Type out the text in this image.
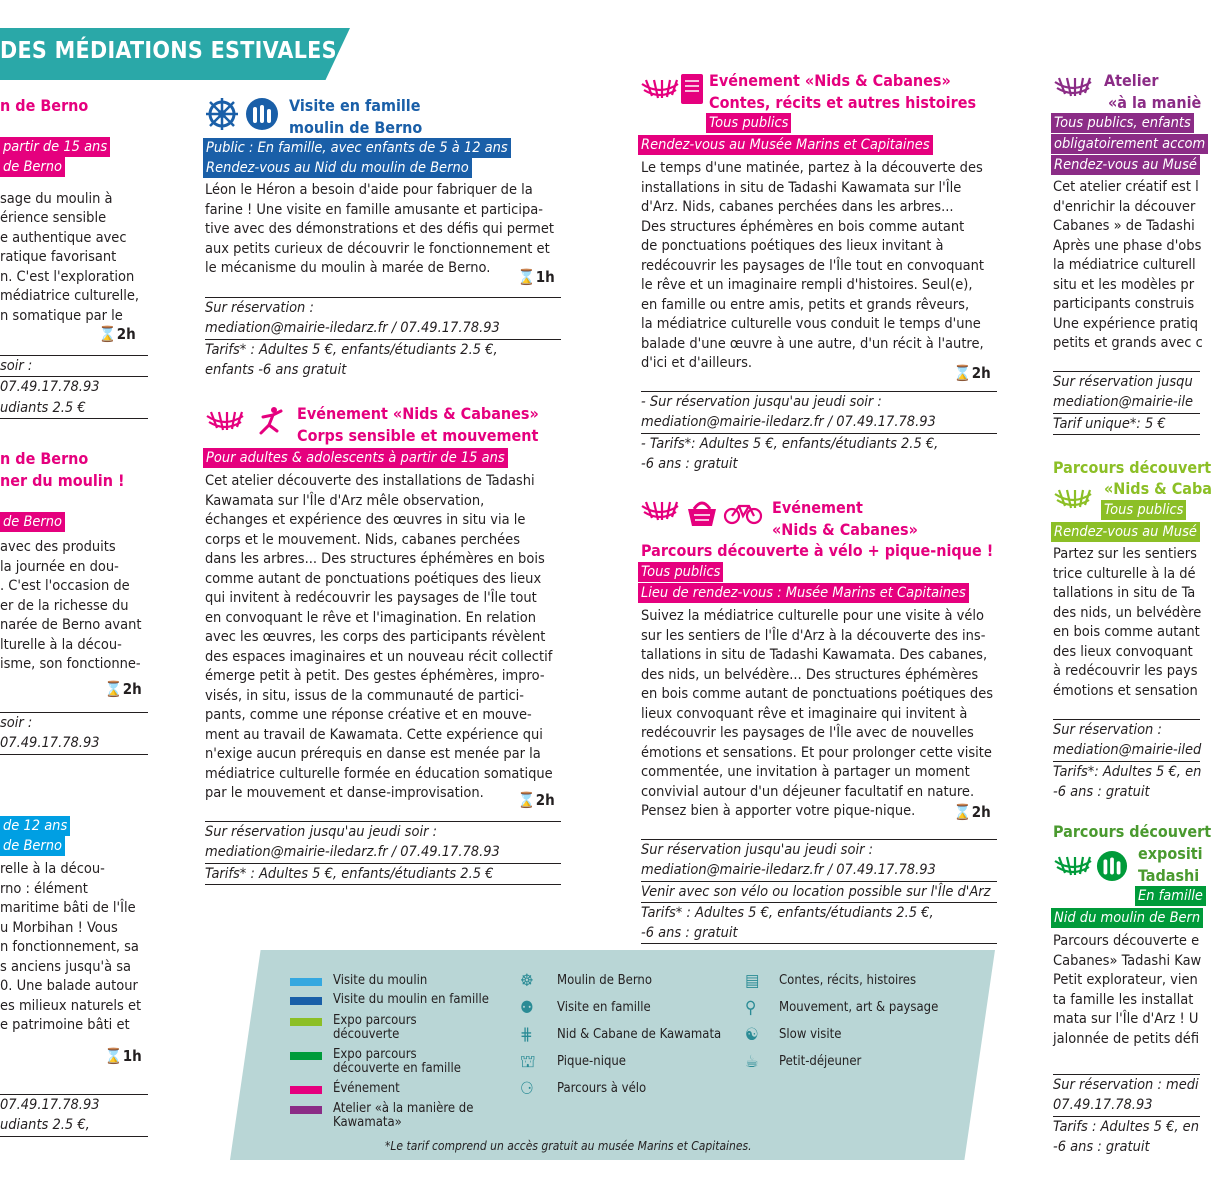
DES MÉDIATIONS ESTIVALES
n de Berno
partir de 15 ans
de Berno
sage du moulin à
érience sensible
e authentique avec
ratique favorisant
n. C'est l'exploration
médiatrice culturelle,
n somatique par le
⌛2h
soir :
07.49.17.78.93
udiants 2.5 €
n de Berno
ner du moulin !
de Berno
avec des produits
la journée en dou-
. C'est l'occasion de
er de la richesse du
narée de Berno avant
lturelle à la décou-
isme, son fonctionne-
⌛2h
soir :
07.49.17.78.93
de 12 ans
de Berno
relle à la décou-
rno : élément
maritime bâti de l'Île
u Morbihan ! Vous
n fonctionnement, sa
s anciens jusqu'à sa
0. Une balade autour
es milieux naturels et
e patrimoine bâti et
⌛1h
07.49.17.78.93
udiants 2.5 €,
Visite en famille
moulin de Berno
Public : En famille, avec enfants de 5 à 12 ans
Rendez-vous au Nid du moulin de Berno
Léon le Héron a besoin d'aide pour fabriquer de la
farine ! Une visite en famille amusante et participa-
tive avec des démonstrations et des défis qui permet
aux petits curieux de découvrir le fonctionnement et
le mécanisme du moulin à marée de Berno.	⌛1h
Sur réservation :
mediation@mairie-iledarz.fr / 07.49.17.78.93
Tarifs* : Adultes 5 €, enfants/étudiants 2.5 €,
enfants -6 ans gratuit
Evénement «Nids & Cabanes»
Corps sensible et mouvement
Pour adultes & adolescents à partir de 15 ans
Cet atelier découverte des installations de Tadashi
Kawamata sur l'Île d'Arz mêle observation,
échanges et expérience des œuvres in situ via le
corps et le mouvement. Nids, cabanes perchées
dans les arbres... Des structures éphémères en bois
comme autant de ponctuations poétiques des lieux
qui invitent à redécouvrir les paysages de l'Île tout
en convoquant le rêve et l'imagination. En relation
avec les œuvres, les corps des participants révèlent
des espaces imaginaires et un nouveau récit collectif
émerge petit à petit. Des gestes éphémères, impro-
visés, in situ, issus de la communauté de partici-
pants, comme une réponse créative et en mouve-
ment au travail de Kawamata. Cette expérience qui
n'exige aucun prérequis en danse est menée par la
médiatrice culturelle formée en éducation somatique
par le mouvement et danse-improvisation.	⌛2h
Sur réservation jusqu'au jeudi soir :
mediation@mairie-iledarz.fr / 07.49.17.78.93
Tarifs* : Adultes 5 €, enfants/étudiants 2.5 €
Evénement «Nids & Cabanes»
Contes, récits et autres histoires
Tous publics
Rendez-vous au Musée Marins et Capitaines
Le temps d'une matinée, partez à la découverte des
installations in situ de Tadashi Kawamata sur l'Île
d'Arz. Nids, cabanes perchées dans les arbres...
Des structures éphémères en bois comme autant
de ponctuations poétiques des lieux invitant à
redécouvrir les paysages de l'Île tout en convoquant
le rêve et un imaginaire rempli d'histoires. Seul(e),
en famille ou entre amis, petits et grands rêveurs,
la médiatrice culturelle vous conduit le temps d'une
balade d'une œuvre à une autre, d'un récit à l'autre,
d'ici et d'ailleurs.
⌛2h
- Sur réservation jusqu'au jeudi soir :
mediation@mairie-iledarz.fr / 07.49.17.78.93
- Tarifs*: Adultes 5 €, enfants/étudiants 2.5 €,
-6 ans : gratuit
Evénement
«Nids & Cabanes»
Parcours découverte à vélo + pique-nique !
Tous publics
Lieu de rendez-vous : Musée Marins et Capitaines
Suivez la médiatrice culturelle pour une visite à vélo
sur les sentiers de l'Île d'Arz à la découverte des ins-
tallations in situ de Tadashi Kawamata. Des cabanes,
des nids, un belvédère... Des structures éphémères
en bois comme autant de ponctuations poétiques des
lieux convoquant rêve et imaginaire qui invitent à
redécouvrir les paysages de l'Île avec de nouvelles
émotions et sensations. Et pour prolonger cette visite
commentée, une invitation à partager un moment
convivial autour d'un déjeuner facultatif en nature.
Pensez bien à apporter votre pique-nique.	⌛2h
Sur réservation jusqu'au jeudi soir :
mediation@mairie-iledarz.fr / 07.49.17.78.93
Venir avec son vélo ou location possible sur l'Île d'Arz
Tarifs* : Adultes 5 €, enfants/étudiants 2.5 €,
-6 ans : gratuit
Atelier
«à la maniè
Tous publics, enfants
obligatoirement accom
Rendez-vous au Musé
Cet atelier créatif est l
d'enrichir la découver
Cabanes » de Tadashi
Après une phase d'obs
la médiatrice culturell
situ et les modèles pr
participants construis
Une expérience pratiq
petits et grands avec c
Sur réservation jusqu
mediation@mairie-ile
Tarif unique*: 5 €
Parcours découvert
«Nids & Caba
Tous publics
Rendez-vous au Musé
Partez sur les sentiers
trice culturelle à la dé
tallations in situ de Ta
des nids, un belvédère
en bois comme autant
des lieux convoquant
à redécouvrir les pays
émotions et sensation
Sur réservation :
mediation@mairie-iled
Tarifs*: Adultes 5 €, en
-6 ans : gratuit
Parcours découvert
expositi
Tadashi
En famille
Nid du moulin de Bern
Parcours découverte e
Cabanes» Tadashi Kaw
Petit explorateur, vien
ta famille les installat
mata sur l'Île d'Arz ! U
jalonnée de petits défi
Sur réservation : medi
07.49.17.78.93
Tarifs : Adultes 5 €, en
-6 ans : gratuit
Visite du moulin
Visite du moulin en famille
Expo parcours
découverte
Expo parcours
découverte en famille
Événement
Atelier «à la manière de
Kawamata»
☸ Moulin de Berno
⚉ Visite en famille
⋕ Nid & Cabane de Kawamata
⛫ Pique-nique
⚆ Parcours à vélo
▤ Contes, récits, histoires
⚲ Mouvement, art & paysage
☯ Slow visite
☕ Petit-déjeuner
*Le tarif comprend un accès gratuit au musée Marins et Capitaines.
